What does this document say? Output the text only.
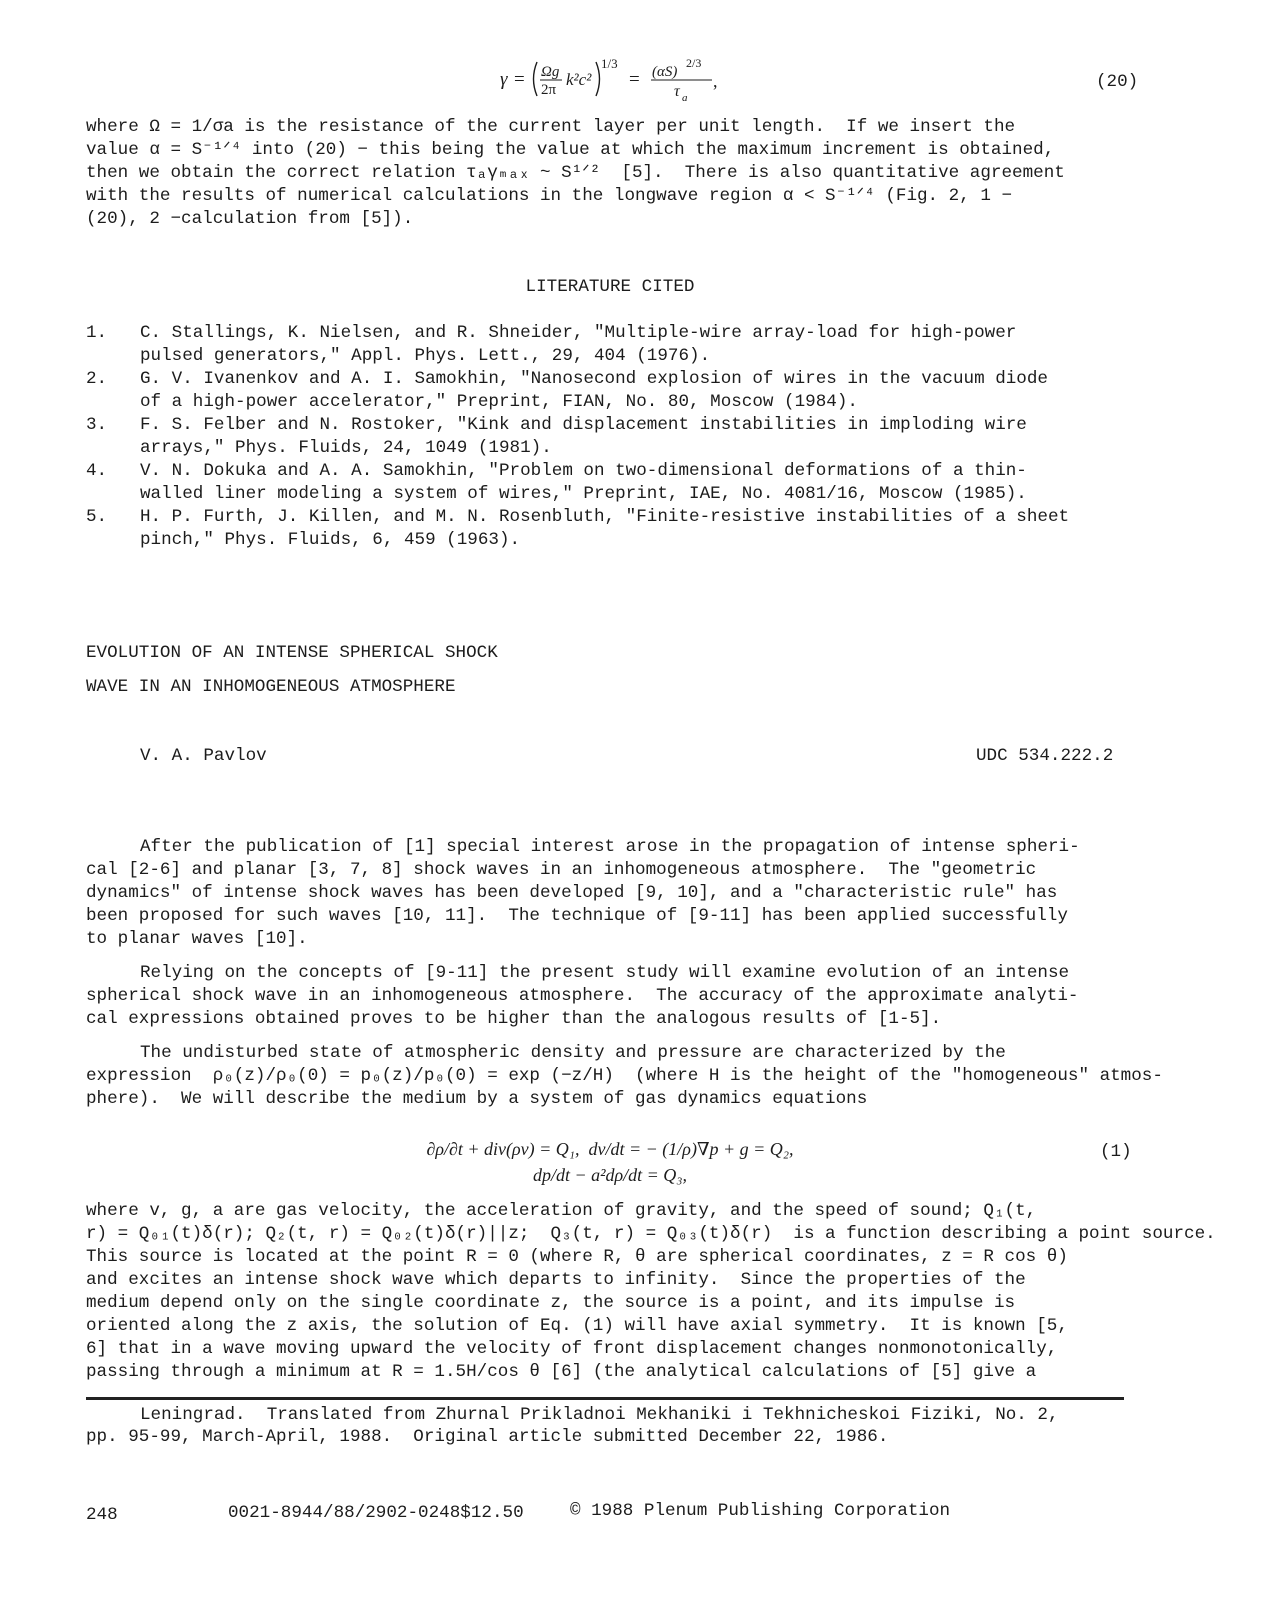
γ = Ωg
2π
k²c²
1/3
= (αS)
2/3
τ a
,	(20)
where Ω = 1/σa is the resistance of the current layer per unit length.  If we insert the
value α = S⁻¹ᐟ⁴ into (20) − this being the value at which the maximum increment is obtained,
then we obtain the correct relation τₐγₘₐₓ ~ S¹ᐟ²  [5].  There is also quantitative agreement
with the results of numerical calculations in the longwave region α < S⁻¹ᐟ⁴ (Fig. 2, 1 −
(20), 2 −calculation from [5]).
LITERATURE CITED
1.	C. Stallings, K. Nielsen, and R. Shneider, "Multiple-wire array-load for high-power
pulsed generators," Appl. Phys. Lett., 29, 404 (1976).
2.	G. V. Ivanenkov and A. I. Samokhin, "Nanosecond explosion of wires in the vacuum diode
of a high-power accelerator," Preprint, FIAN, No. 80, Moscow (1984).
3.	F. S. Felber and N. Rostoker, "Kink and displacement instabilities in imploding wire
arrays," Phys. Fluids, 24, 1049 (1981).
4.	V. N. Dokuka and A. A. Samokhin, "Problem on two-dimensional deformations of a thin-
walled liner modeling a system of wires," Preprint, IAE, No. 4081/16, Moscow (1985).
5.	H. P. Furth, J. Killen, and M. N. Rosenbluth, "Finite-resistive instabilities of a sheet
pinch," Phys. Fluids, 6, 459 (1963).
EVOLUTION OF AN INTENSE SPHERICAL SHOCK
WAVE IN AN INHOMOGENEOUS ATMOSPHERE
V. A. Pavlov	UDC 534.222.2
After the publication of [1] special interest arose in the propagation of intense spheri-
cal [2-6] and planar [3, 7, 8] shock waves in an inhomogeneous atmosphere.  The "geometric
dynamics" of intense shock waves has been developed [9, 10], and a "characteristic rule" has
been proposed for such waves [10, 11].  The technique of [9-11] has been applied successfully
to planar waves [10].
Relying on the concepts of [9-11] the present study will examine evolution of an intense
spherical shock wave in an inhomogeneous atmosphere.  The accuracy of the approximate analyti-
cal expressions obtained proves to be higher than the analogous results of [1-5].
The undisturbed state of atmospheric density and pressure are characterized by the
expression  ρ₀(z)/ρ₀(0) = p₀(z)/p₀(0) = exp (−z/H)  (where H is the height of the "homogeneous" atmos-
phere).  We will describe the medium by a system of gas dynamics equations
∂ρ/∂t + div(ρv) = Q₁,  dv/dt = − (1/ρ)∇p + g = Q₂,
dp/dt − a²dρ/dt = Q₃,
(1)
where v, g, a are gas velocity, the acceleration of gravity, and the speed of sound; Q₁(t,
r) = Q₀₁(t)δ(r); Q₂(t, r) = Q₀₂(t)δ(r)||z;  Q₃(t, r) = Q₀₃(t)δ(r)  is a function describing a point source.
This source is located at the point R = 0 (where R, θ are spherical coordinates, z = R cos θ)
and excites an intense shock wave which departs to infinity.  Since the properties of the
medium depend only on the single coordinate z, the source is a point, and its impulse is
oriented along the z axis, the solution of Eq. (1) will have axial symmetry.  It is known [5,
6] that in a wave moving upward the velocity of front displacement changes nonmonotonically,
passing through a minimum at R = 1.5H/cos θ [6] (the analytical calculations of [5] give a
Leningrad.  Translated from Zhurnal Prikladnoi Mekhaniki i Tekhnicheskoi Fiziki, No. 2,
pp. 95-99, March-April, 1988.  Original article submitted December 22, 1986.
248	0021-8944/88/2902-0248$12.50	© 1988 Plenum Publishing Corporation
